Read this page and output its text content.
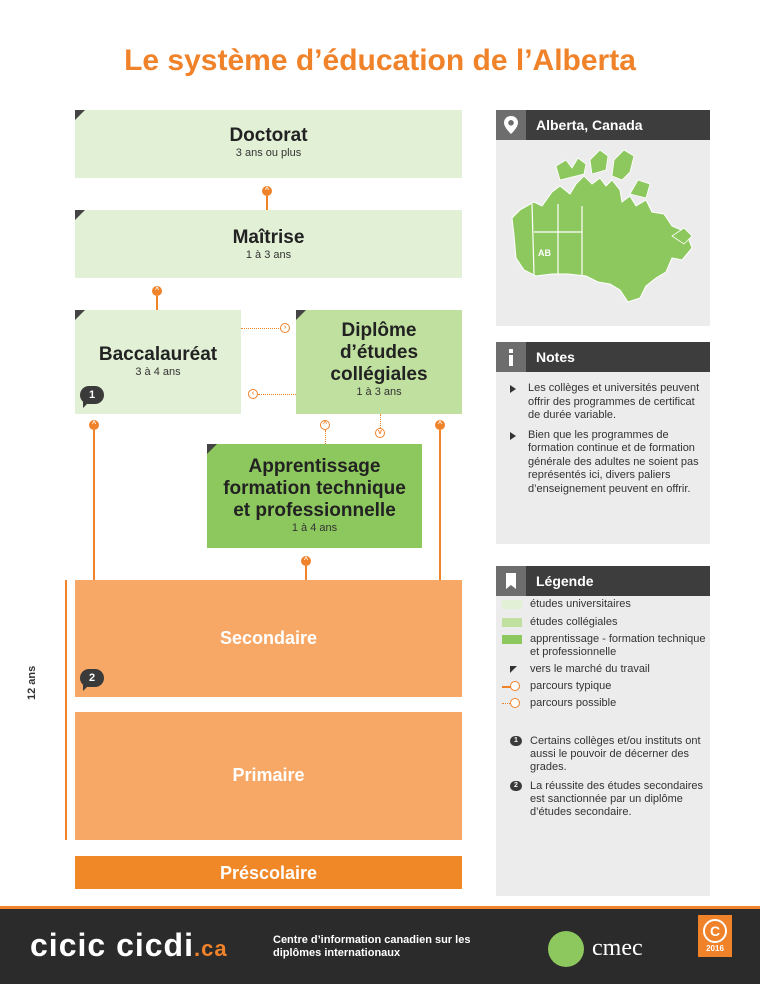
Le système d’éducation de l’Alberta
Doctorat
3 ans ou plus
^
Maîtrise
1 à 3 ans
^
Baccalauréat
3 à 4 ans
1
›
‹
Diplôme
d’études
collégiales
1 à 3 ans
^
v
^	^
Apprentissage
formation technique
et professionnelle
1 à 4 ans
^
12 ans
Secondaire
2
Primaire
Préscolaire
Alberta, Canada
AB
Notes
Les collèges et universités peuvent offrir des programmes de certificat de durée variable.
Bien que les programmes de formation continue et de formation générale des adultes ne soient pas représentés ici, divers paliers d’enseignement peuvent en offrir.
Légende
études universitaires
études collégiales
apprentissage - formation technique et professionnelle
vers le marché du travail
parcours typique
parcours possible
1	Certains collèges et/ou instituts ont aussi le pouvoir de décerner des grades.
2	La réussite des études secondaires est sanctionnée par un diplôme d’études secondaire.
cicic cicdi.ca	Centre d’information canadien sur les diplômes internationaux	cmec
C
2016
